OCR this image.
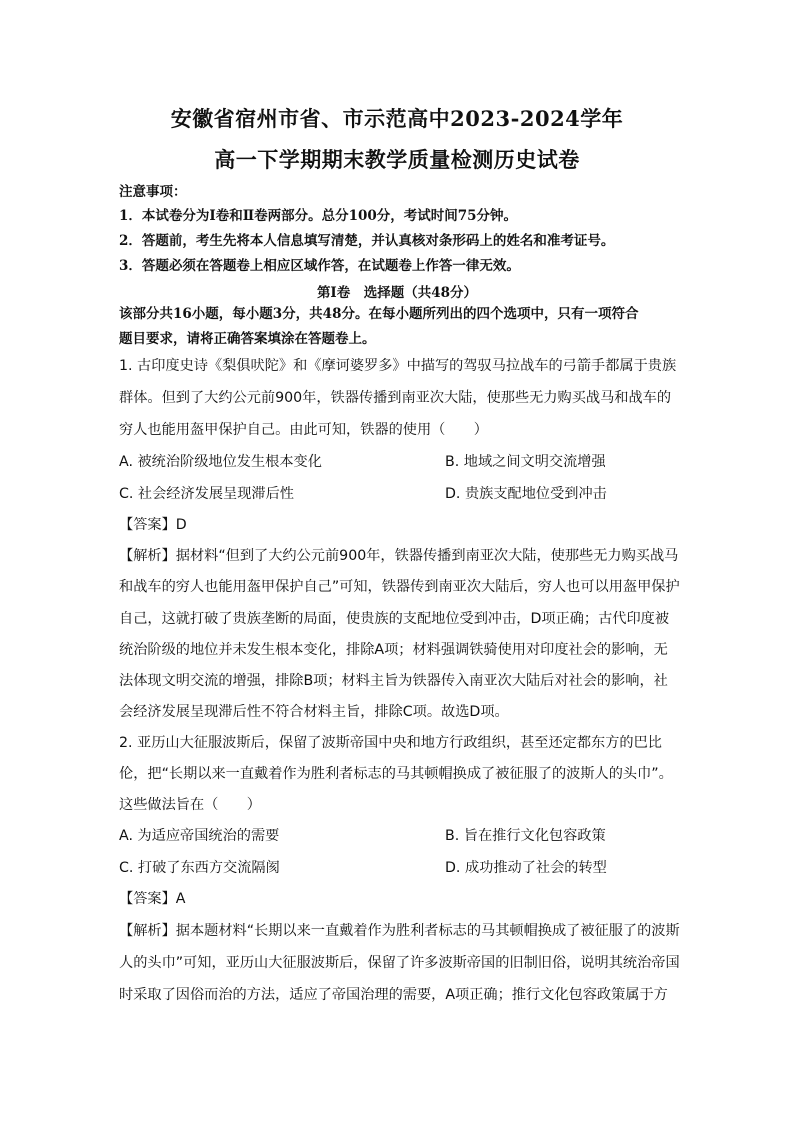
安徽省宿州市省、市示范高中2023-2024学年
高一下学期期末教学质量检测历史试卷
注意事项：
1．本试卷分为Ⅰ卷和Ⅱ卷两部分。总分100分，考试时间75分钟。
2．答题前，考生先将本人信息填写清楚，并认真核对条形码上的姓名和准考证号。
3．答题必须在答题卷上相应区域作答，在试题卷上作答一律无效。
第Ⅰ卷　选择题（共48分）
该部分共16小题，每小题3分，共48分。在每小题所列出的四个选项中，只有一项符合
题目要求，请将正确答案填涂在答题卷上。
1. 古印度史诗《梨俱吠陀》和《摩诃婆罗多》中描写的驾驭马拉战车的弓箭手都属于贵族
群体。但到了大约公元前900年，铁器传播到南亚次大陆，使那些无力购买战马和战车的
穷人也能用盔甲保护自己。由此可知，铁器的使用（　　）
A. 被统治阶级地位发生根本变化	B. 地域之间文明交流增强
C. 社会经济发展呈现滞后性	D. 贵族支配地位受到冲击
【答案】D
【解析】据材料“但到了大约公元前900年，铁器传播到南亚次大陆，使那些无力购买战马
和战车的穷人也能用盔甲保护自己”可知，铁器传到南亚次大陆后，穷人也可以用盔甲保护
自己，这就打破了贵族垄断的局面，使贵族的支配地位受到冲击，D项正确；古代印度被
统治阶级的地位并未发生根本变化，排除A项；材料强调铁骑使用对印度社会的影响，无
法体现文明交流的增强，排除B项；材料主旨为铁器传入南亚次大陆后对社会的影响，社
会经济发展呈现滞后性不符合材料主旨，排除C项。故选D项。
2. 亚历山大征服波斯后，保留了波斯帝国中央和地方行政组织，甚至还定都东方的巴比
伦，把“长期以来一直戴着作为胜利者标志的马其顿帽换成了被征服了的波斯人的头巾”。
这些做法旨在（　　）
A. 为适应帝国统治的需要	B. 旨在推行文化包容政策
C. 打破了东西方交流隔阂	D. 成功推动了社会的转型
【答案】A
【解析】据本题材料“长期以来一直戴着作为胜利者标志的马其顿帽换成了被征服了的波斯
人的头巾”可知，亚历山大征服波斯后，保留了许多波斯帝国的旧制旧俗，说明其统治帝国
时采取了因俗而治的方法，适应了帝国治理的需要，A项正确；推行文化包容政策属于方
